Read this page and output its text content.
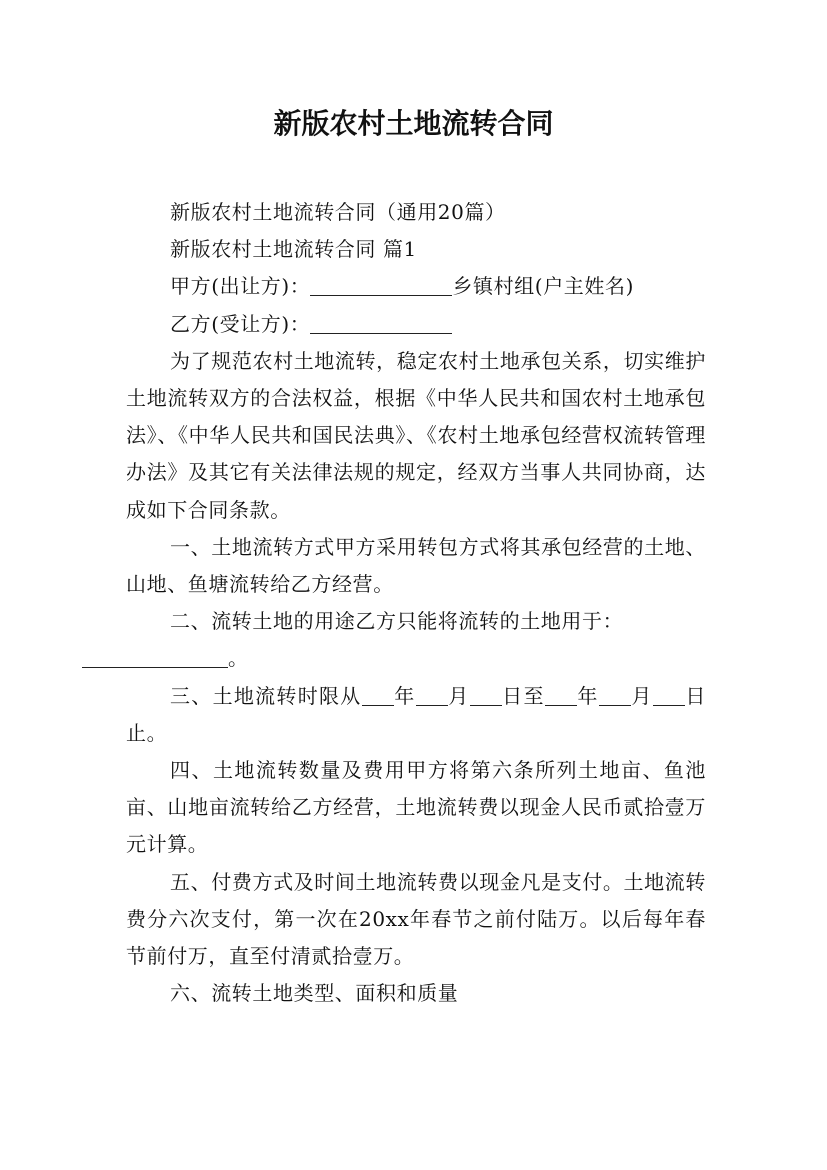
新版农村土地流转合同

新版农村土地流转合同（通用20篇）

新版农村土地流转合同 篇1

甲方(出让方)：	乡镇村组(户主姓名)

乙方(受让方)：

为了规范农村土地流转，稳定农村土地承包关系，切实维护土地流转双方的合法权益，根据《中华人民共和国农村土地承包法》、《中华人民共和国民法典》、《农村土地承包经营权流转管理办法》及其它有关法律法规的规定，经双方当事人共同协商，达成如下合同条款。

一、土地流转方式甲方采用转包方式将其承包经营的土地、山地、鱼塘流转给乙方经营。

二、流转土地的用途乙方只能将流转的土地用于：
。

三、土地流转时限从 年 月 日至 年 月 日止。

四、土地流转数量及费用甲方将第六条所列土地亩、鱼池亩、山地亩流转给乙方经营，土地流转费以现金人民币贰拾壹万元计算。

五、付费方式及时间土地流转费以现金凡是支付。土地流转费分六次支付，第一次在20xx年春节之前付陆万。以后每年春节前付万，直至付清贰拾壹万。

六、流转土地类型、面积和质量
